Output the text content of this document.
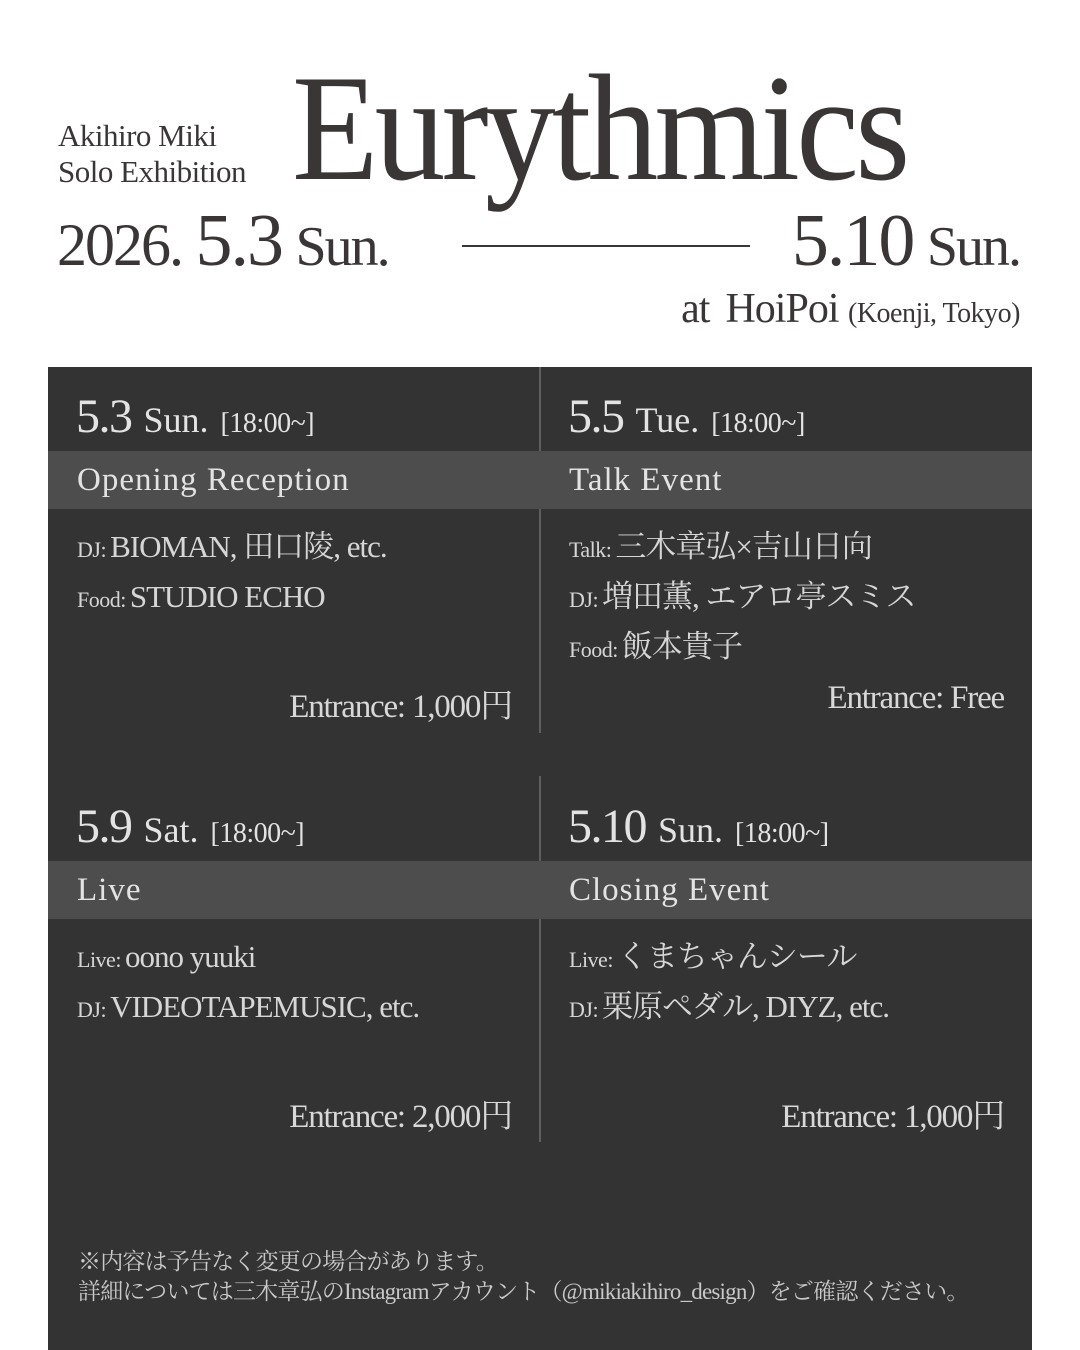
Akihiro Miki
Solo Exhibition Eurythmics
2026. 5.3 Sun.	5.10 Sun.
at HoiPoi (Koenji, Tokyo)
5.3 Sun. [18:00~]
Opening Reception
DJ: BIOMAN, 田口陵, etc.
Food: STUDIO ECHO
Entrance: 1,000円
5.5 Tue. [18:00~]
Talk Event
Talk: 三木章弘×吉山日向
DJ: 増田薫, エアロ亭スミス
Food: 飯本貴子
Entrance: Free
5.9 Sat. [18:00~]
Live
Live: oono yuuki
DJ: VIDEOTAPEMUSIC, etc.
Entrance: 2,000円
5.10 Sun. [18:00~]
Closing Event
Live: くまちゃんシール
DJ: 栗原ペダル, DIYZ, etc.
Entrance: 1,000円
※内容は予告なく変更の場合があります。
詳細については三木章弘のInstagramアカウント（@mikiakihiro_design）をご確認ください。
